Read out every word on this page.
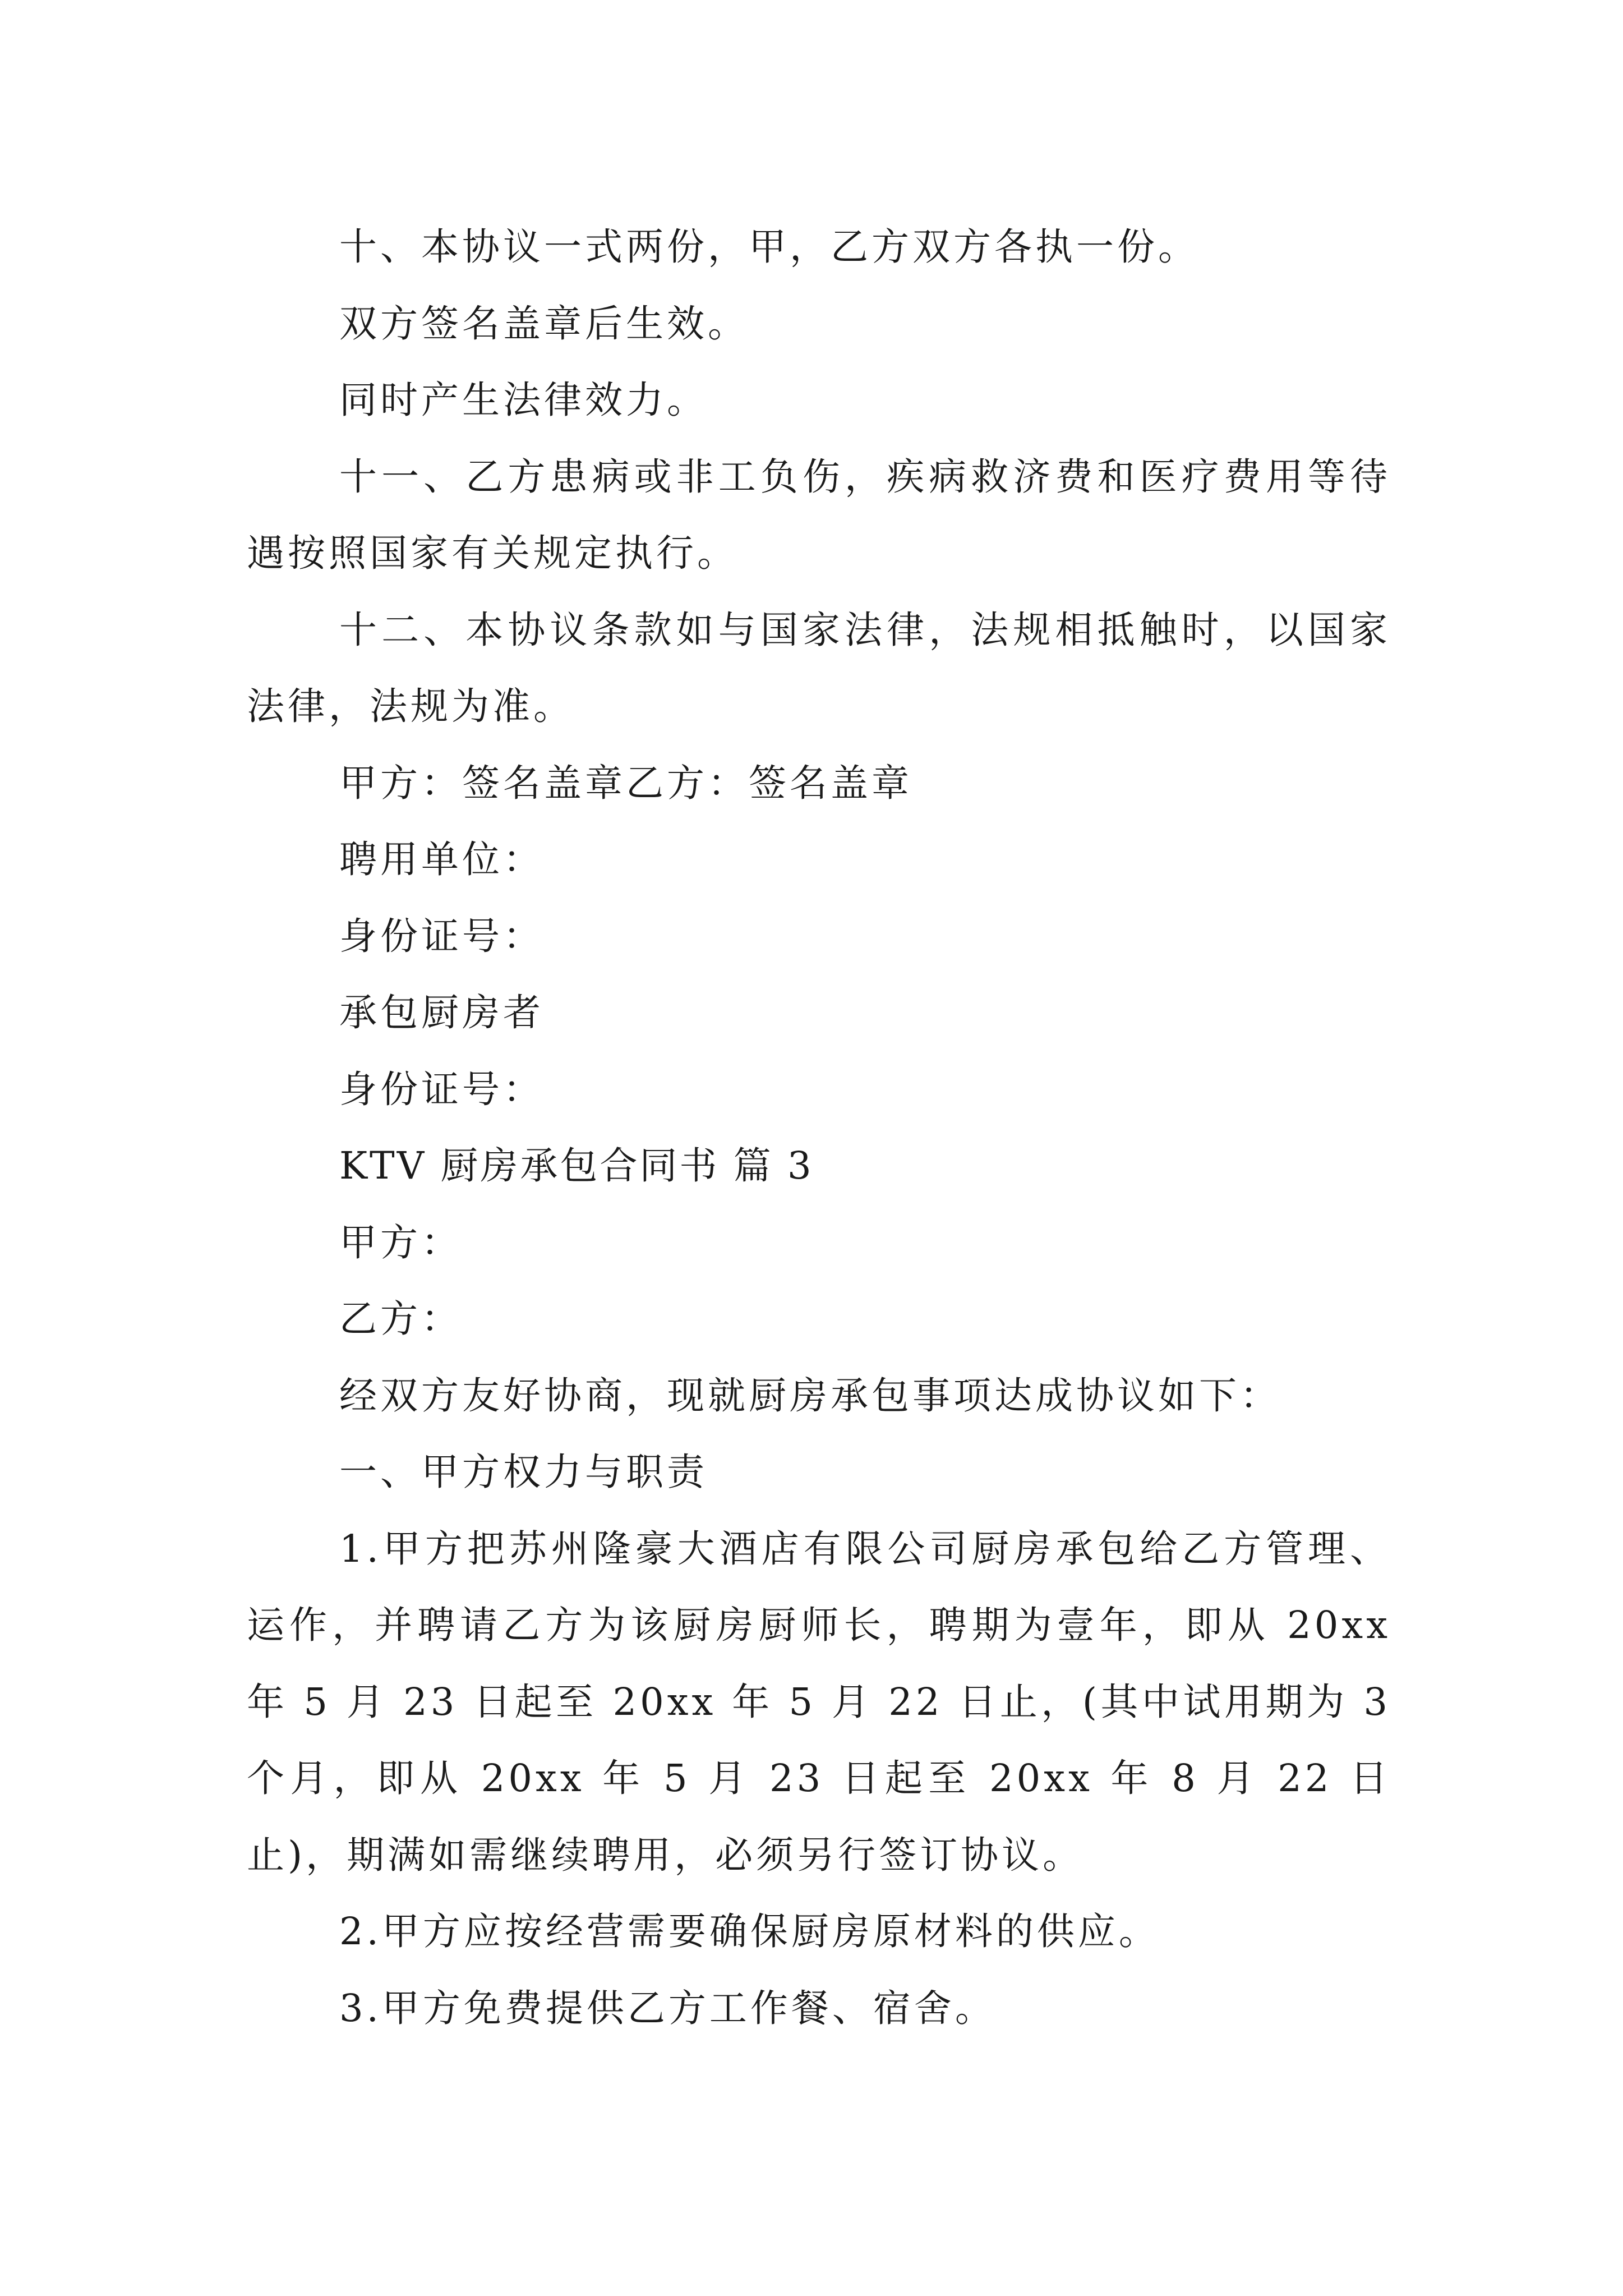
十、本协议一式两份，甲，乙方双方各执一份。

双方签名盖章后生效。

同时产生法律效力。

十一、乙方患病或非工负伤，疾病救济费和医疗费用等待遇按照国家有关规定执行。

十二、本协议条款如与国家法律，法规相抵触时，以国家法律，法规为准。

甲方：签名盖章乙方：签名盖章

聘用单位：

身份证号：

承包厨房者

身份证号：

KTV 厨房承包合同书 篇 3

甲方：

乙方：

经双方友好协商，现就厨房承包事项达成协议如下：

一、甲方权力与职责

1.甲方把苏州隆豪大酒店有限公司厨房承包给乙方管理、运作，并聘请乙方为该厨房厨师长，聘期为壹年，即从 20xx 年 5 月 23 日起至 20xx 年 5 月 22 日止，(其中试用期为 3 个月，即从 20xx 年 5 月 23 日起至 20xx 年 8 月 22 日止)，期满如需继续聘用，必须另行签订协议。

2.甲方应按经营需要确保厨房原材料的供应。

3.甲方免费提供乙方工作餐、宿舍。
